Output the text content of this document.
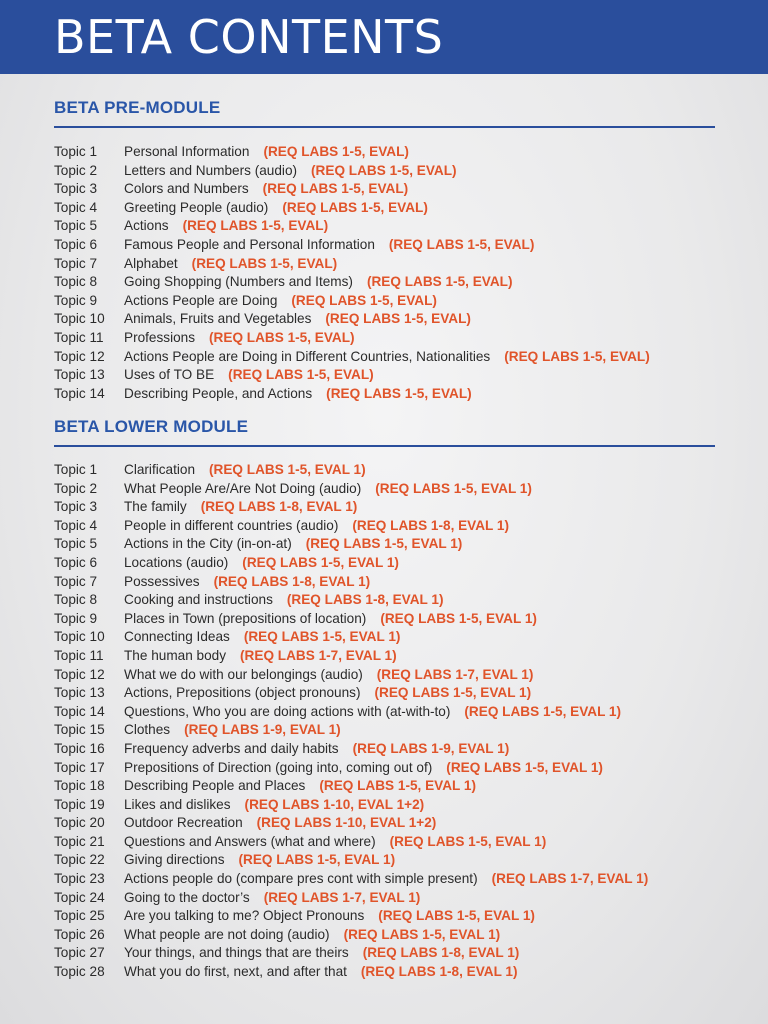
BETA CONTENTS
BETA PRE-MODULE
Topic 1	Personal Information (REQ LABS 1-5, EVAL)
Topic 2	Letters and Numbers (audio) (REQ LABS 1-5, EVAL)
Topic 3	Colors and Numbers (REQ LABS 1-5, EVAL)
Topic 4	Greeting People (audio) (REQ LABS 1-5, EVAL)
Topic 5	Actions (REQ LABS 1-5, EVAL)
Topic 6	Famous People and Personal Information (REQ LABS 1-5, EVAL)
Topic 7	Alphabet (REQ LABS 1-5, EVAL)
Topic 8	Going Shopping (Numbers and Items) (REQ LABS 1-5, EVAL)
Topic 9	Actions People are Doing (REQ LABS 1-5, EVAL)
Topic 10	Animals, Fruits and Vegetables (REQ LABS 1-5, EVAL)
Topic 11	Professions (REQ LABS 1-5, EVAL)
Topic 12	Actions People are Doing in Different Countries, Nationalities (REQ LABS 1-5, EVAL)
Topic 13	Uses of TO BE (REQ LABS 1-5, EVAL)
Topic 14	Describing People, and Actions (REQ LABS 1-5, EVAL)
BETA LOWER MODULE
Topic 1	Clarification (REQ LABS 1-5, EVAL 1)
Topic 2	What People Are/Are Not Doing (audio) (REQ LABS 1-5, EVAL 1)
Topic 3	The family (REQ LABS 1-8, EVAL 1)
Topic 4	People in different countries (audio) (REQ LABS 1-8, EVAL 1)
Topic 5	Actions in the City (in-on-at) (REQ LABS 1-5, EVAL 1)
Topic 6	Locations (audio) (REQ LABS 1-5, EVAL 1)
Topic 7	Possessives (REQ LABS 1-8, EVAL 1)
Topic 8	Cooking and instructions (REQ LABS 1-8, EVAL 1)
Topic 9	Places in Town (prepositions of location) (REQ LABS 1-5, EVAL 1)
Topic 10	Connecting Ideas (REQ LABS 1-5, EVAL 1)
Topic 11	The human body (REQ LABS 1-7, EVAL 1)
Topic 12	What we do with our belongings (audio) (REQ LABS 1-7, EVAL 1)
Topic 13	Actions, Prepositions (object pronouns) (REQ LABS 1-5, EVAL 1)
Topic 14	Questions, Who you are doing actions with (at-with-to) (REQ LABS 1-5, EVAL 1)
Topic 15	Clothes (REQ LABS 1-9, EVAL 1)
Topic 16	Frequency adverbs and daily habits (REQ LABS 1-9, EVAL 1)
Topic 17	Prepositions of Direction (going into, coming out of) (REQ LABS 1-5, EVAL 1)
Topic 18	Describing People and Places (REQ LABS 1-5, EVAL 1)
Topic 19	Likes and dislikes (REQ LABS 1-10, EVAL 1+2)
Topic 20	Outdoor Recreation (REQ LABS 1-10, EVAL 1+2)
Topic 21	Questions and Answers (what and where) (REQ LABS 1-5, EVAL 1)
Topic 22	Giving directions (REQ LABS 1-5, EVAL 1)
Topic 23	Actions people do (compare pres cont with simple present) (REQ LABS 1-7, EVAL 1)
Topic 24	Going to the doctor’s (REQ LABS 1-7, EVAL 1)
Topic 25	Are you talking to me? Object Pronouns (REQ LABS 1-5, EVAL 1)
Topic 26	What people are not doing (audio) (REQ LABS 1-5, EVAL 1)
Topic 27	Your things, and things that are theirs (REQ LABS 1-8, EVAL 1)
Topic 28	What you do first, next, and after that (REQ LABS 1-8, EVAL 1)
